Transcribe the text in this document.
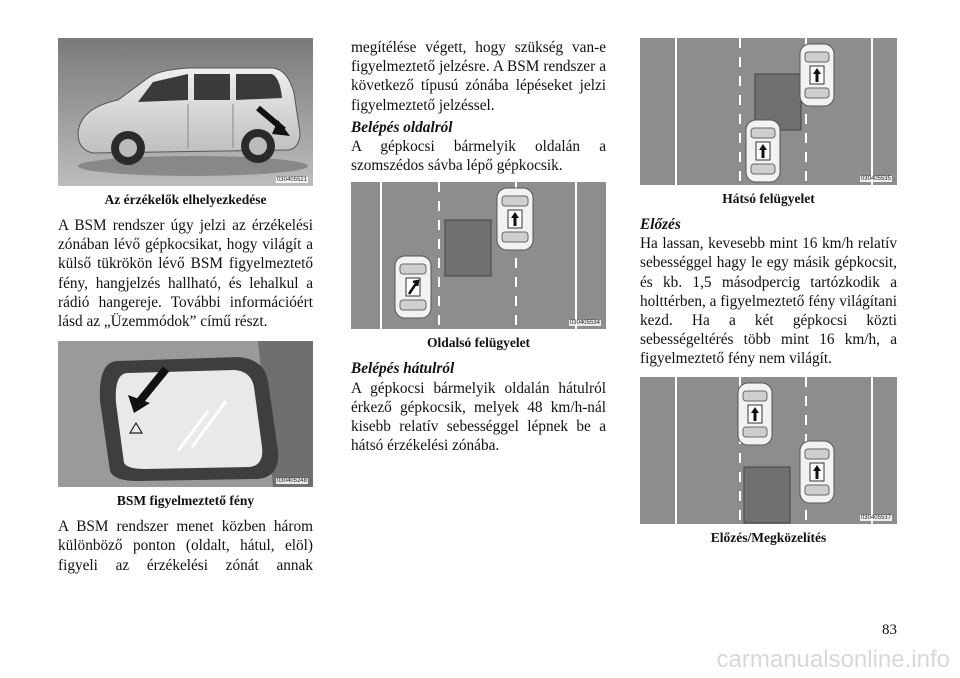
030405521
Az érzékelők elhelyezkedése

A BSM rendszer úgy jelzi az érzékelési zónában lévő gépkocsikat, hogy világít a külső tükrökön lévő BSM figyelmeztető fény, hangjelzés hallható, és lehalkul a rádió hangereje. További információért lásd az „Üzemmódok” című részt.

030405248
BSM figyelmeztető fény

A BSM rendszer menet közben három különböző ponton (oldalt, hátul, elöl) figyeli az érzékelési zónát annak

megítélése végett, hogy szükség van-e figyelmeztető jelzésre. A BSM rendszer a következő típusú zónába lépéseket jelzi figyelmeztető jelzéssel.

Belépés oldalról

A gépkocsi bármelyik oldalán a szomszédos sávba lépő gépkocsik.

030405534
Oldalsó felügyelet
Belépés hátulról

A gépkocsi bármelyik oldalán hátulról érkező gépkocsik, melyek 48 km/h-nál kisebb relatív sebességgel lépnek be a hátsó érzékelési zónába.

030405535
Hátsó felügyelet
Előzés

Ha lassan, kevesebb mint 16 km/h relatív sebességgel hagy le egy másik gépkocsit, és kb. 1,5 másodpercig tartózkodik a holttérben, a figyelmeztető fény világítani kezd. Ha a két gépkocsi közti sebességeltérés több mint 16 km/h, a figyelmeztető fény nem világít.

030405537
Előzés/Megközelítés
83
carmanualsonline.info
